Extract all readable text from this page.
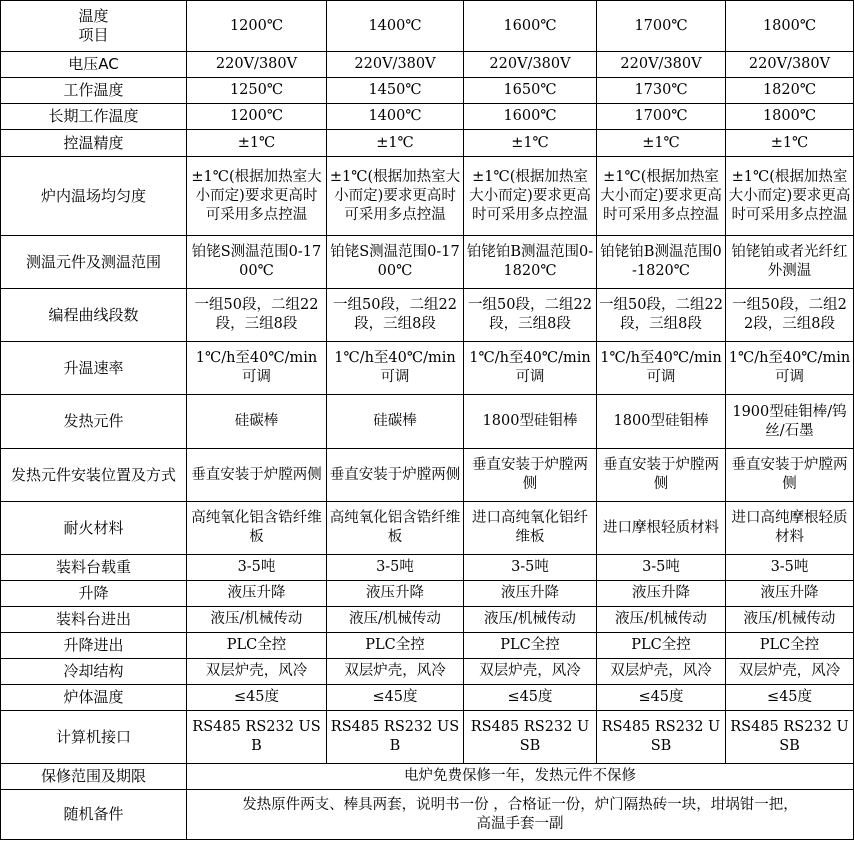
温度
项目	1200℃	1400℃	1600℃	1700℃	1800℃
电压AC	220V/380V	220V/380V	220V/380V	220V/380V	220V/380V
工作温度	1250℃	1450℃	1650℃	1730℃	1820℃
长期工作温度	1200℃	1400℃	1600℃	1700℃	1800℃
控温精度	±1℃	±1℃	±1℃	±1℃	±1℃
炉内温场均匀度	±1℃(根据加热室大小而定)要求更高时可采用多点控温	±1℃(根据加热室大小而定)要求更高时可采用多点控温	±1℃(根据加热室大小而定)要求更高时可采用多点控温	±1℃(根据加热室大小而定)要求更高时可采用多点控温	±1℃(根据加热室大小而定)要求更高时可采用多点控温
测温元件及测温范围	铂铑S测温范围0-1700℃	铂铑S测温范围0-1700℃	铂铑铂B测温范围0-1820℃	铂铑铂B测温范围0-1820℃	铂铑铂或者光纤红外测温
编程曲线段数	一组50段，二组22段，三组8段	一组50段，二组22段，三组8段	一组50段，二组22段，三组8段	一组50段，二组22段，三组8段	一组50段，二组22段，三组8段
升温速率	1℃/h至40℃/min可调	1℃/h至40℃/min可调	1℃/h至40℃/min可调	1℃/h至40℃/min可调	1℃/h至40℃/min可调
发热元件	硅碳棒	硅碳棒	1800型硅钼棒	1800型硅钼棒	1900型硅钼棒/钨丝/石墨
发热元件安装位置及方式	垂直安装于炉膛两侧	垂直安装于炉膛两侧	垂直安装于炉膛两侧	垂直安装于炉膛两侧	垂直安装于炉膛两侧
耐火材料	高纯氧化铝含锆纤维板	高纯氧化铝含锆纤维板	进口高纯氧化铝纤维板	进口摩根轻质材料	进口高纯摩根轻质材料
装料台载重	3-5吨	3-5吨	3-5吨	3-5吨	3-5吨
升降	液压升降	液压升降	液压升降	液压升降	液压升降
装料台进出	液压/机械传动	液压/机械传动	液压/机械传动	液压/机械传动	液压/机械传动
升降进出	PLC全控	PLC全控	PLC全控	PLC全控	PLC全控
冷却结构	双层炉壳，风冷	双层炉壳，风冷	双层炉壳，风冷	双层炉壳，风冷	双层炉壳，风冷
炉体温度	≤45度	≤45度	≤45度	≤45度	≤45度
计算机接口	RS485 RS232 USB	RS485 RS232 USB	RS485 RS232 USB	RS485 RS232 USB	RS485 RS232 USB
保修范围及期限	电炉免费保修一年，发热元件不保修				
随机备件	发热原件两支、棒具两套，说明书一份 ，合格证一份，炉门隔热砖一块，坩埚钳一把，
高温手套一副				
